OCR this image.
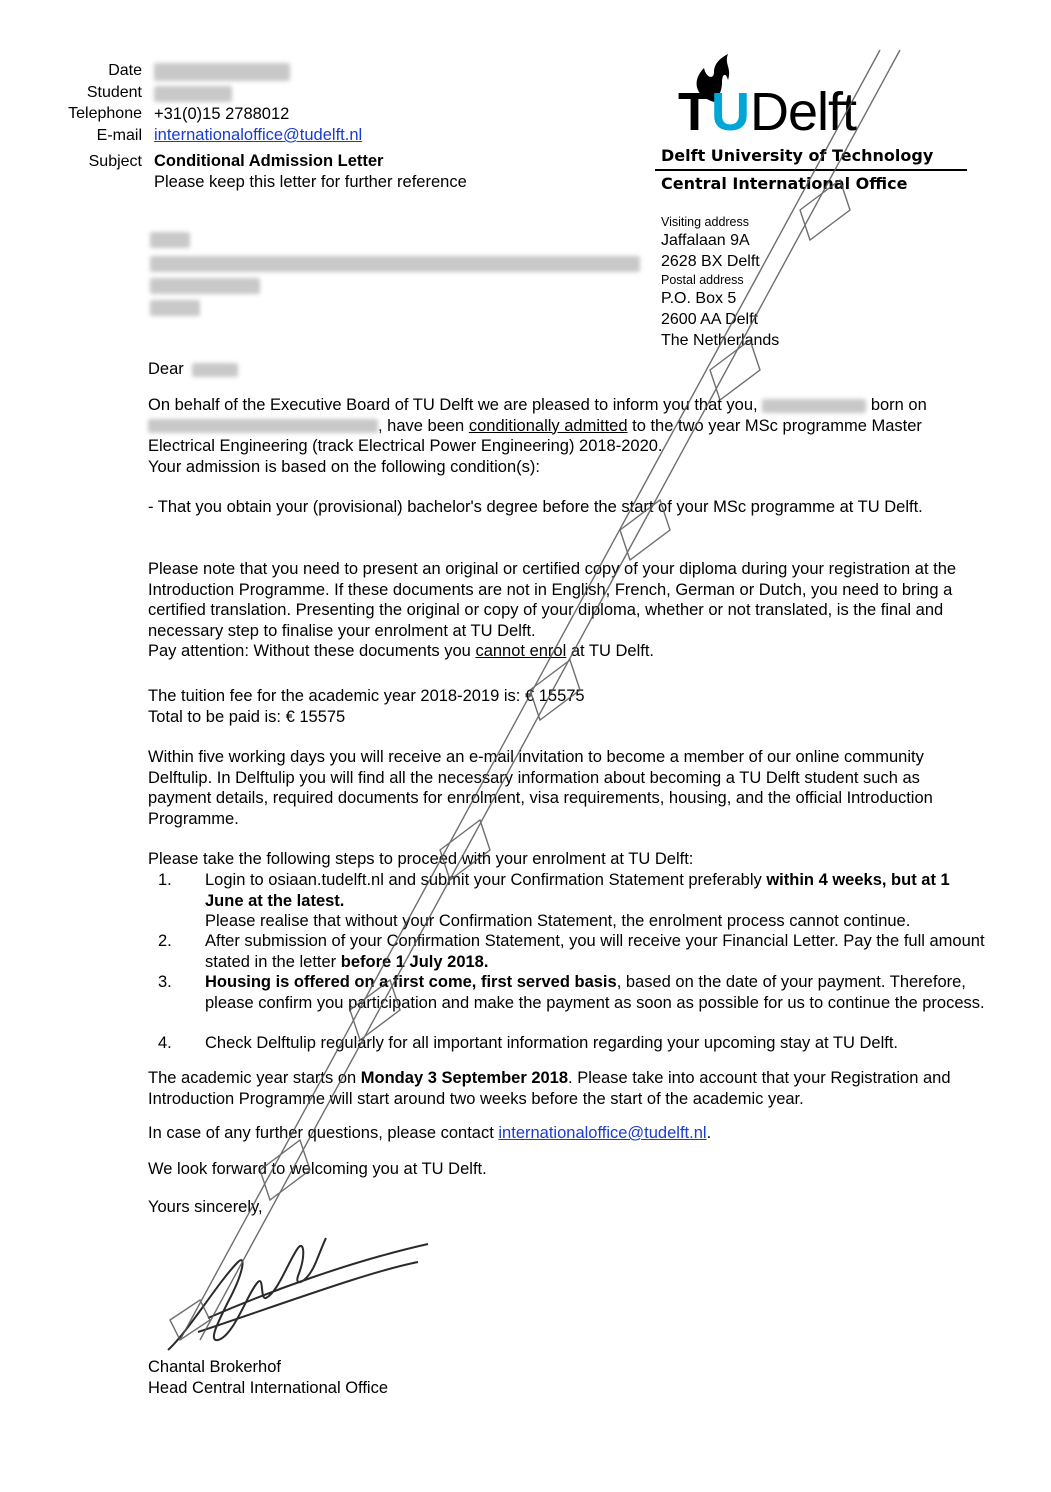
Date
Student
Telephone +31(0)15 2788012
E-mail internationaloffice@tudelft.nl
Subject Conditional Admission Letter
Please keep this letter for further reference
TUDelft
Delft University of Technology
Central International Office
Visiting address
Jaffalaan 9A
2628 BX Delft
Postal address
P.O. Box 5
2600 AA Delft
The Netherlands
Dear

On behalf of the Executive Board of TU Delft we are pleased to inform you that you,	born on , have been conditionally admitted to the two year MSc programme Master Electrical Engineering (track Electrical Power Engineering) 2018-2020.

Your admission is based on the following condition(s):

- That you obtain your (provisional) bachelor's degree before the start of your MSc programme at TU Delft.

Please note that you need to present an original or certified copy of your diploma during your registration at the Introduction Programme. If these documents are not in English, French, German or Dutch, you need to bring a certified translation. Presenting the original or copy of your diploma, whether or not translated, is the final and necessary step to finalise your enrolment at TU Delft.

Pay attention: Without these documents you cannot enrol at TU Delft.

The tuition fee for the academic year 2018-2019 is: € 15575

Total to be paid is: € 15575

Within five working days you will receive an e-mail invitation to become a member of our online community Delftulip. In Delftulip you will find all the necessary information about becoming a TU Delft student such as payment details, required documents for enrolment, visa requirements, housing, and the official Introduction Programme.
Please take the following steps to proceed with your enrolment at TU Delft:
1. Login to osiaan.tudelft.nl and submit your Confirmation Statement preferably within 4 weeks, but at 1 June at the latest.
Please realise that without your Confirmation Statement, the enrolment process cannot continue.
2. After submission of your Confirmation Statement, you will receive your Financial Letter. Pay the full amount stated in the letter before 1 July 2018.
3. Housing is offered on a first come, first served basis, based on the date of your payment. Therefore, please confirm you participation and make the payment as soon as possible for us to continue the process.
4. Check Delftulip regularly for all important information regarding your upcoming stay at TU Delft.
The academic year starts on Monday 3 September 2018. Please take into account that your Registration and Introduction Programme will start around two weeks before the start of the academic year.
In case of any further questions, please contact internationaloffice@tudelft.nl.
We look forward to welcoming you at TU Delft.
Yours sincerely,

Chantal Brokerhof

Head Central International Office
